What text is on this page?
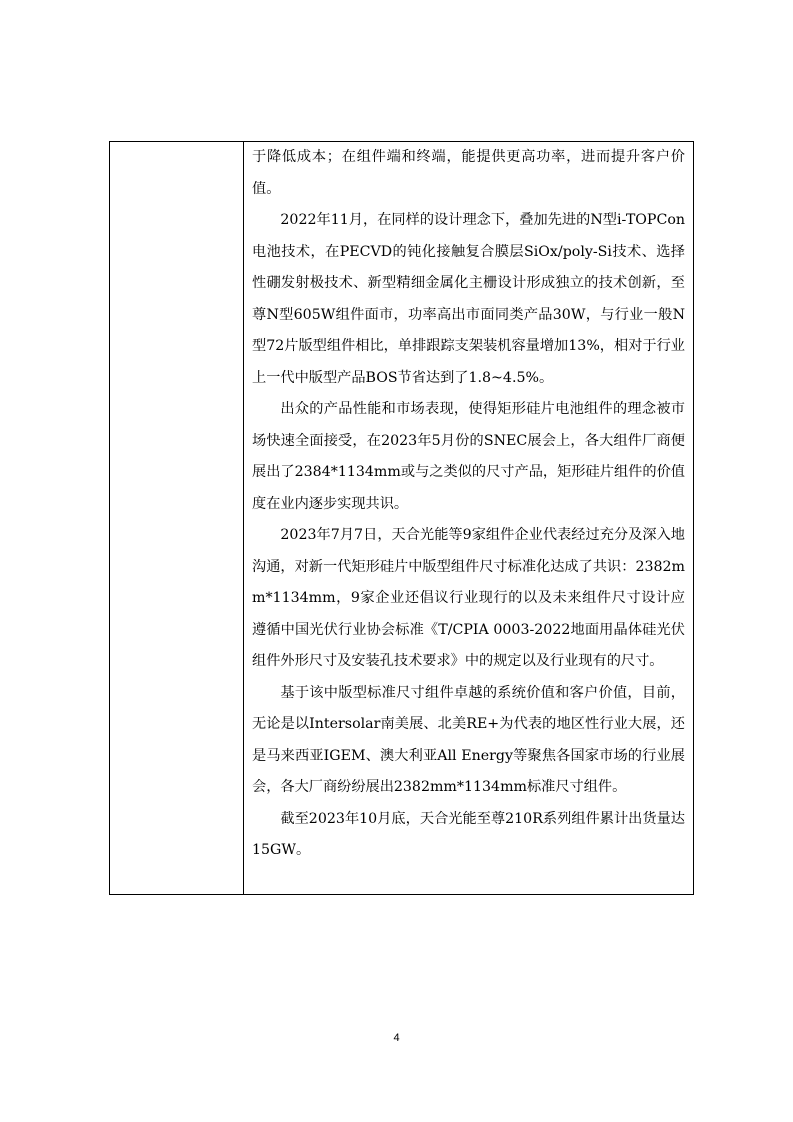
于降低成本；在组件端和终端，能提供更高功率，进而提升客户价值。

2022年11月，在同样的设计理念下，叠加先进的N型i-TOPCon电池技术，在PECVD的钝化接触复合膜层SiOx/poly-Si技术、选择性硼发射极技术、新型精细金属化主栅设计形成独立的技术创新，至尊N型605W组件面市，功率高出市面同类产品30W，与行业一般N型72片版型组件相比，单排跟踪支架装机容量增加13%，相对于行业上一代中版型产品BOS节省达到了1.8~4.5%。

出众的产品性能和市场表现，使得矩形硅片电池组件的理念被市场快速全面接受，在2023年5月份的SNEC展会上，各大组件厂商便展出了2384*1134mm或与之类似的尺寸产品，矩形硅片组件的价值度在业内逐步实现共识。

2023年7月7日，天合光能等9家组件企业代表经过充分及深入地沟通，对新一代矩形硅片中版型组件尺寸标准化达成了共识：2382mm*1134mm，9家企业还倡议行业现行的以及未来组件尺寸设计应遵循中国光伏行业协会标准《T/CPIA 0003-2022地面用晶体硅光伏组件外形尺寸及安装孔技术要求》中的规定以及行业现有的尺寸。

基于该中版型标准尺寸组件卓越的系统价值和客户价值，目前，无论是以Intersolar南美展、北美RE+为代表的地区性行业大展，还是马来西亚IGEM、澳大利亚All Energy等聚焦各国家市场的行业展会，各大厂商纷纷展出2382mm*1134mm标准尺寸组件。

截至2023年10月底，天合光能至尊210R系列组件累计出货量达15GW。

4
